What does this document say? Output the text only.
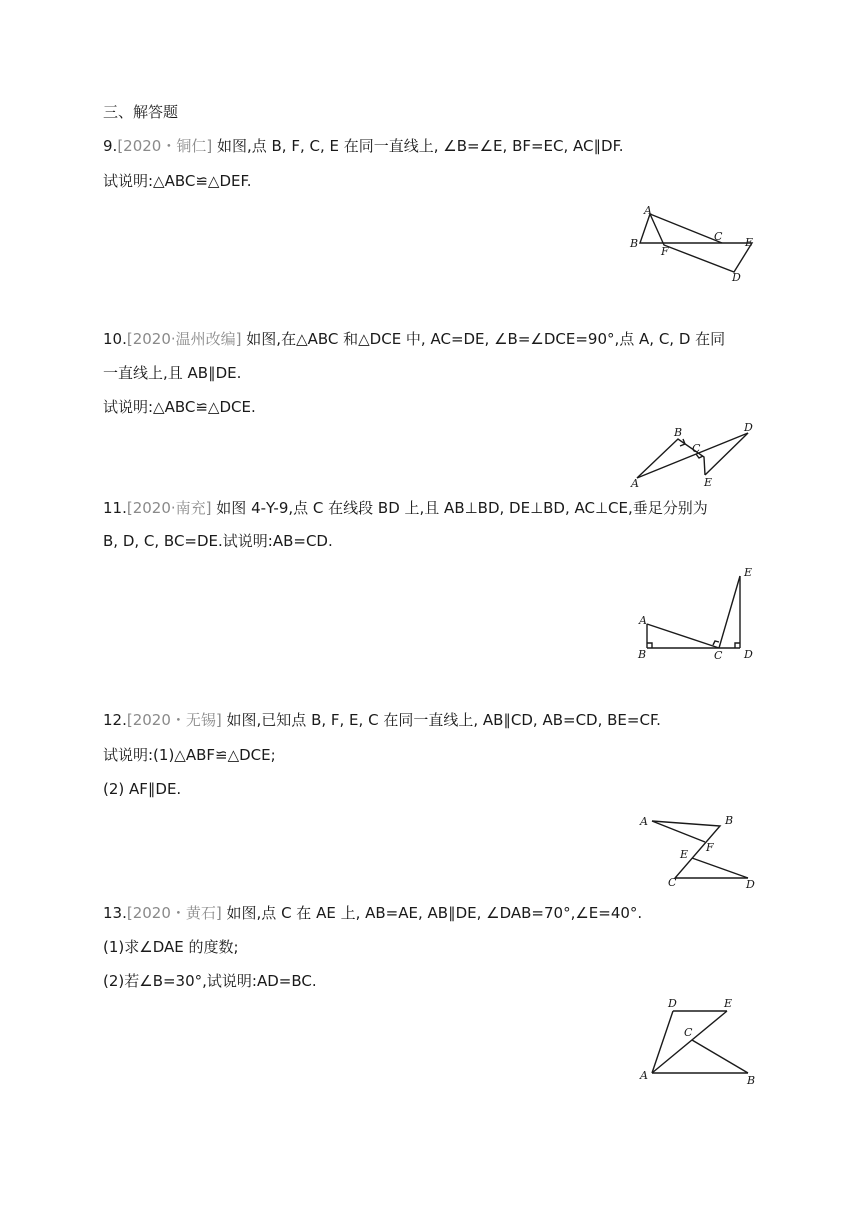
三、解答题
9.[2020・铜仁] 如图,点 B, F, C, E 在同一直线上, ∠B=∠E, BF=EC, AC∥DF.
试说明:△ABC≌△DEF.
A
B
F
C E
D
10.[2020·温州改编] 如图,在△ABC 和△DCE 中, AC=DE, ∠B=∠DCE=90°,点 A, C, D 在同
一直线上,且 AB∥DE.
试说明:△ABC≌△DCE.
B
C
D
A	E
11.[2020·南充] 如图 4-Y-9,点 C 在线段 BD 上,且 AB⊥BD, DE⊥BD, AC⊥CE,垂足分别为
B, D, C, BC=DE.试说明:AB=CD.
A
B	C D
E
12.[2020・无锡] 如图,已知点 B, F, E, C 在同一直线上, AB∥CD, AB=CD, BE=CF.
试说明:(1)△ABF≌△DCE;
(2) AF∥DE.
A	B
F
E
C	D
13.[2020・黄石] 如图,点 C 在 AE 上, AB=AE, AB∥DE, ∠DAB=70°,∠E=40°.
(1)求∠DAE 的度数;
(2)若∠B=30°,试说明:AD=BC.
D	E
C
A	B
